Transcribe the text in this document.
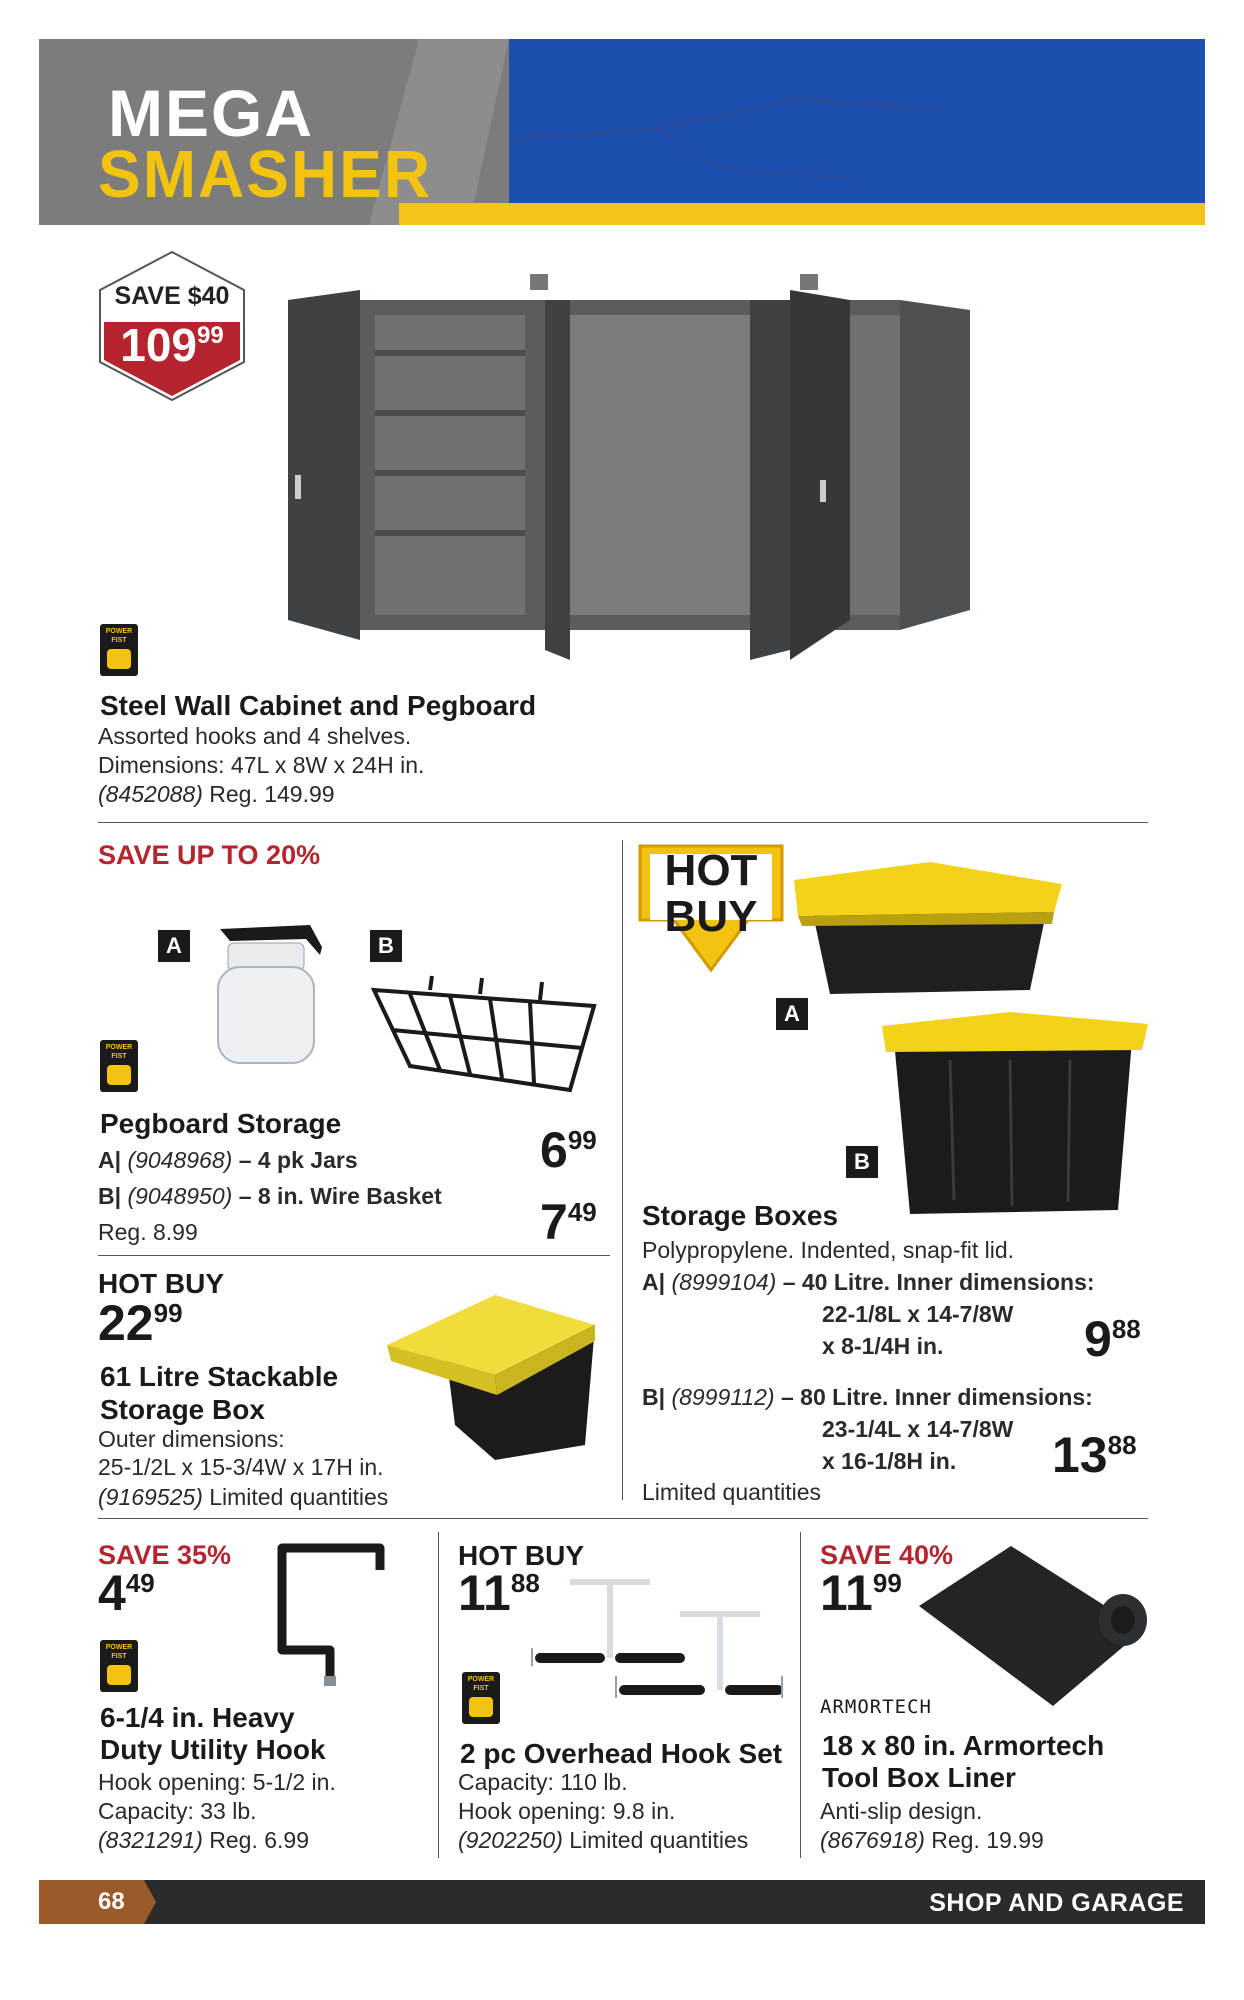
MEGA
SMASHER
SAVE $40
10999
POWER FIST
Steel Wall Cabinet and Pegboard
Assorted hooks and 4 shelves.
Dimensions: 47L x 8W x 24H in.
(8452088) Reg. 149.99
SAVE UP TO 20%
A	B
POWER FIST
Pegboard Storage
A| (9048968) – 4 pk Jars
B| (9048950) – 8 in. Wire Basket
Reg. 8.99
699
749
HOT BUY
2299
61 Litre Stackable
Storage Box
Outer dimensions:
25-1/2L x 15-3/4W x 17H in.
(9169525) Limited quantities
HOT
BUY
A
B
Storage Boxes
Polypropylene. Indented, snap-fit lid.
A| (8999104) – 40 Litre. Inner dimensions:
22-1/8L x 14-7/8W
x 8-1/4H in.	988
B| (8999112) – 80 Litre. Inner dimensions:
23-1/4L x 14-7/8W
x 16-1/8H in. 1388
Limited quantities
SAVE 35%
449
POWER FIST
6-1/4 in. Heavy
Duty Utility Hook
Hook opening: 5-1/2 in.
Capacity: 33 lb.
(8321291) Reg. 6.99
HOT BUY
1188
POWER FIST
2 pc Overhead Hook Set
Capacity: 110 lb.
Hook opening: 9.8 in.
(9202250) Limited quantities
SAVE 40%
1199
ARMORTECH
18 x 80 in. Armortech
Tool Box Liner
Anti-slip design.
(8676918) Reg. 19.99
68	SHOP AND GARAGE
